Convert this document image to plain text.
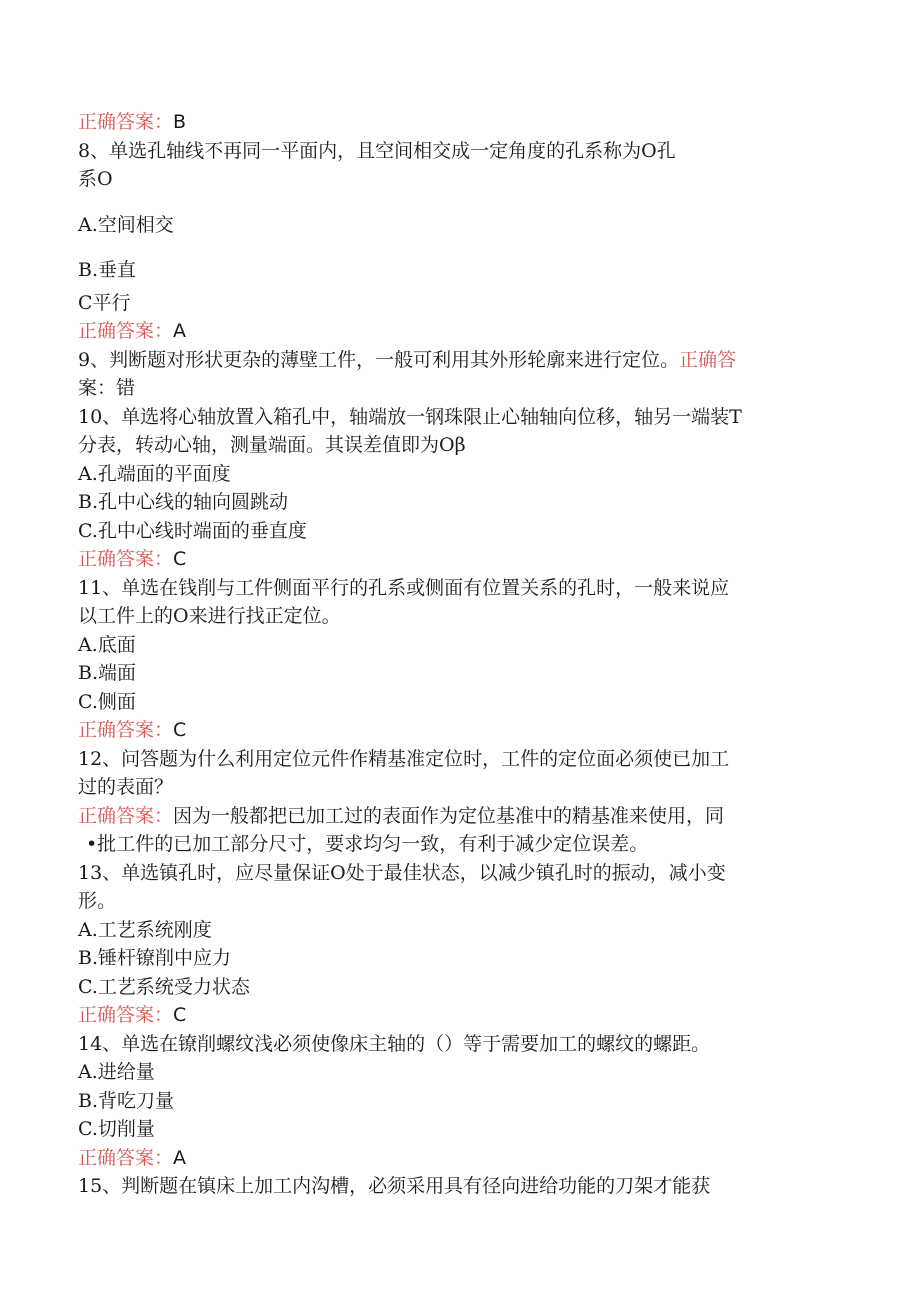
正确答案：B
8、单选孔轴线不再同一平面内，且空间相交成一定角度的孔系称为O孔
系O
A.空间相交
B.垂直
C平行
正确答案：A
9、判断题对形状更杂的薄壁工件，一般可利用其外形轮廓来进行定位。正确答
案：错
10、单选将心轴放置入箱孔中，轴端放一钢珠限止心轴轴向位移，轴另一端装T
分表，转动心轴，测量端面。其误差值即为Oβ
A.孔端面的平面度
B.孔中心线的轴向圆跳动
C.孔中心线时端面的垂直度
正确答案：C
11、单选在钱削与工件侧面平行的孔系或侧面有位置关系的孔时，一般来说应
以工件上的O来进行找正定位。
A.底面
B.端面
C.侧面
正确答案：C
12、问答题为什么利用定位元件作精基准定位时，工件的定位面必须使已加工
过的表面？
正确答案：因为一般都把已加工过的表面作为定位基准中的精基准来使用，同
•批工件的已加工部分尺寸，要求均匀一致，有利于减少定位误差。
13、单选镇孔时，应尽量保证O处于最佳状态，以减少镇孔时的振动，减小变
形。
A.工艺系统刚度
B.锤杆镣削中应力
C.工艺系统受力状态
正确答案：C
14、单选在镣削螺纹浅必须使像床主轴的（）等于需要加工的螺纹的螺距。
A.进给量
B.背吃刀量
C.切削量
正确答案：A
15、判断题在镇床上加工内沟槽，必须采用具有径向进给功能的刀架才能获
